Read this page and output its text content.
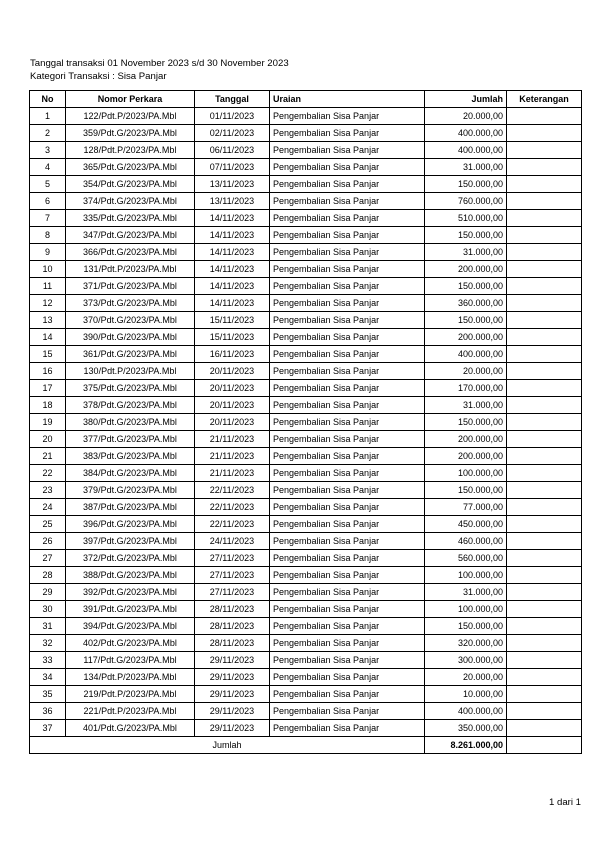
Tanggal transaksi 01 November 2023 s/d 30 November 2023
Kategori Transaksi : Sisa Panjar
No	Nomor Perkara	Tanggal	Uraian	Jumlah	Keterangan
1	122/Pdt.P/2023/PA.Mbl	01/11/2023	Pengembalian Sisa Panjar	20.000,00	
2	359/Pdt.G/2023/PA.Mbl	02/11/2023	Pengembalian Sisa Panjar	400.000,00	
3	128/Pdt.P/2023/PA.Mbl	06/11/2023	Pengembalian Sisa Panjar	400.000,00	
4	365/Pdt.G/2023/PA.Mbl	07/11/2023	Pengembalian Sisa Panjar	31.000,00	
5	354/Pdt.G/2023/PA.Mbl	13/11/2023	Pengembalian Sisa Panjar	150.000,00	
6	374/Pdt.G/2023/PA.Mbl	13/11/2023	Pengembalian Sisa Panjar	760.000,00	
7	335/Pdt.G/2023/PA.Mbl	14/11/2023	Pengembalian Sisa Panjar	510.000,00	
8	347/Pdt.G/2023/PA.Mbl	14/11/2023	Pengembalian Sisa Panjar	150.000,00	
9	366/Pdt.G/2023/PA.Mbl	14/11/2023	Pengembalian Sisa Panjar	31.000,00	
10	131/Pdt.P/2023/PA.Mbl	14/11/2023	Pengembalian Sisa Panjar	200.000,00	
11	371/Pdt.G/2023/PA.Mbl	14/11/2023	Pengembalian Sisa Panjar	150.000,00	
12	373/Pdt.G/2023/PA.Mbl	14/11/2023	Pengembalian Sisa Panjar	360.000,00	
13	370/Pdt.G/2023/PA.Mbl	15/11/2023	Pengembalian Sisa Panjar	150.000,00	
14	390/Pdt.G/2023/PA.Mbl	15/11/2023	Pengembalian Sisa Panjar	200.000,00	
15	361/Pdt.G/2023/PA.Mbl	16/11/2023	Pengembalian Sisa Panjar	400.000,00	
16	130/Pdt.P/2023/PA.Mbl	20/11/2023	Pengembalian Sisa Panjar	20.000,00	
17	375/Pdt.G/2023/PA.Mbl	20/11/2023	Pengembalian Sisa Panjar	170.000,00	
18	378/Pdt.G/2023/PA.Mbl	20/11/2023	Pengembalian Sisa Panjar	31.000,00	
19	380/Pdt.G/2023/PA.Mbl	20/11/2023	Pengembalian Sisa Panjar	150.000,00	
20	377/Pdt.G/2023/PA.Mbl	21/11/2023	Pengembalian Sisa Panjar	200.000,00	
21	383/Pdt.G/2023/PA.Mbl	21/11/2023	Pengembalian Sisa Panjar	200.000,00	
22	384/Pdt.G/2023/PA.Mbl	21/11/2023	Pengembalian Sisa Panjar	100.000,00	
23	379/Pdt.G/2023/PA.Mbl	22/11/2023	Pengembalian Sisa Panjar	150.000,00	
24	387/Pdt.G/2023/PA.Mbl	22/11/2023	Pengembalian Sisa Panjar	77.000,00	
25	396/Pdt.G/2023/PA.Mbl	22/11/2023	Pengembalian Sisa Panjar	450.000,00	
26	397/Pdt.G/2023/PA.Mbl	24/11/2023	Pengembalian Sisa Panjar	460.000,00	
27	372/Pdt.G/2023/PA.Mbl	27/11/2023	Pengembalian Sisa Panjar	560.000,00	
28	388/Pdt.G/2023/PA.Mbl	27/11/2023	Pengembalian Sisa Panjar	100.000,00	
29	392/Pdt.G/2023/PA.Mbl	27/11/2023	Pengembalian Sisa Panjar	31.000,00	
30	391/Pdt.G/2023/PA.Mbl	28/11/2023	Pengembalian Sisa Panjar	100.000,00	
31	394/Pdt.G/2023/PA.Mbl	28/11/2023	Pengembalian Sisa Panjar	150.000,00	
32	402/Pdt.G/2023/PA.Mbl	28/11/2023	Pengembalian Sisa Panjar	320.000,00	
33	117/Pdt.G/2023/PA.Mbl	29/11/2023	Pengembalian Sisa Panjar	300.000,00	
34	134/Pdt.P/2023/PA.Mbl	29/11/2023	Pengembalian Sisa Panjar	20.000,00	
35	219/Pdt.P/2023/PA.Mbl	29/11/2023	Pengembalian Sisa Panjar	10.000,00	
36	221/Pdt.P/2023/PA.Mbl	29/11/2023	Pengembalian Sisa Panjar	400.000,00	
37	401/Pdt.G/2023/PA.Mbl	29/11/2023	Pengembalian Sisa Panjar	350.000,00	
Jumlah				8.261.000,00	
1 dari 1
